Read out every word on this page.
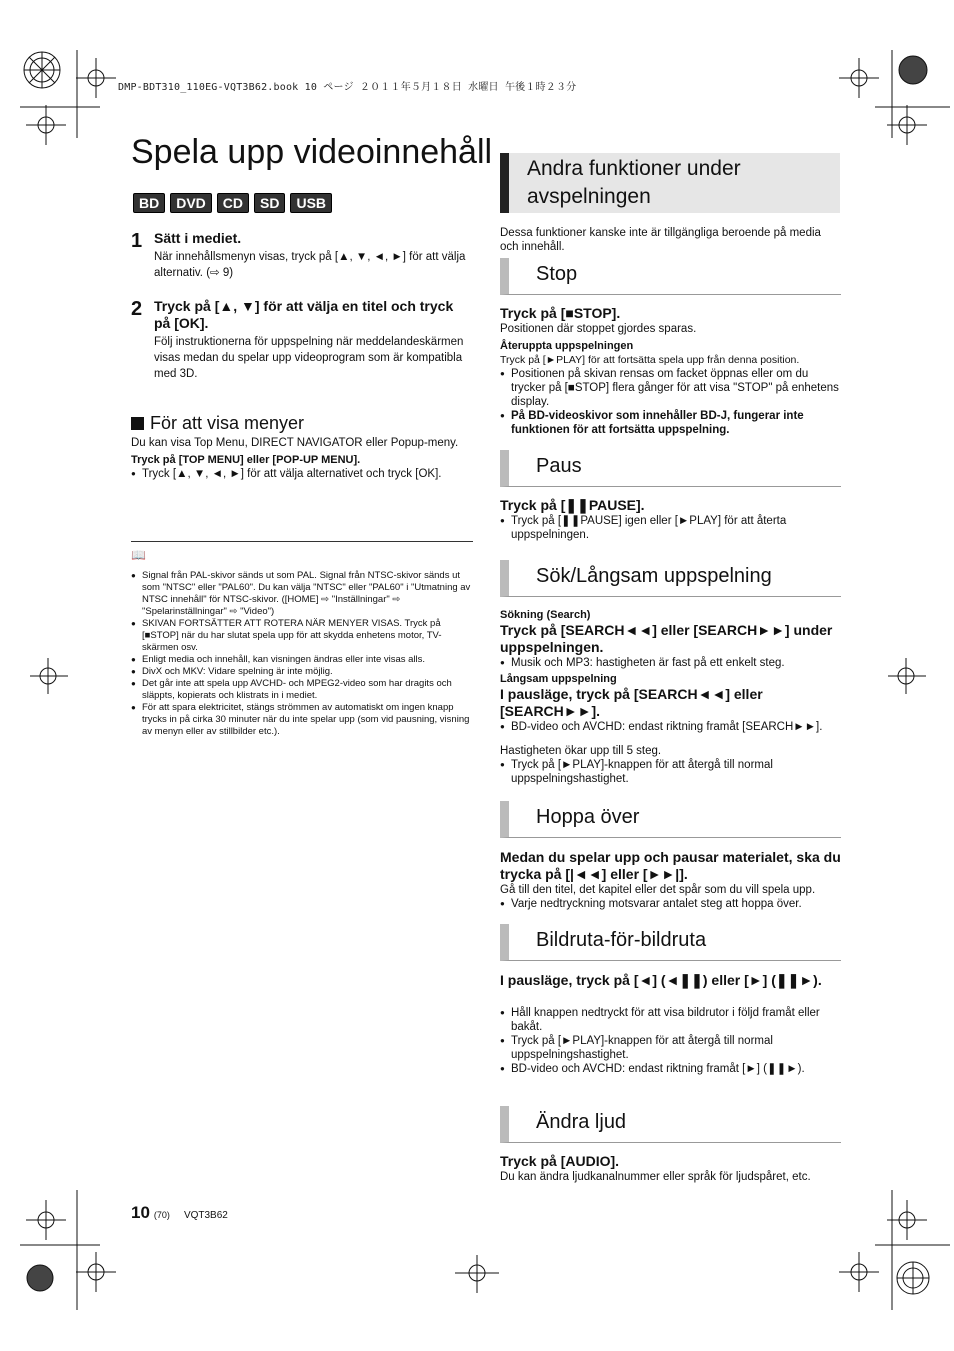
DMP-BDT310_110EG-VQT3B62.book 10 ページ ２０１１年５月１８日 水曜日 午後１時２３分
Spela upp videoinnehåll
BD	DVD	CD	SD	USB
1 Sätt i mediet.
När innehållsmenyn visas, tryck på [▲, ▼, ◄, ►] för att välja alternativ. (⇨ 9)
2 Tryck på [▲, ▼] för att välja en titel och tryck på [OK].
Följ instruktionerna för uppspelning när meddelandeskärmen visas medan du spelar upp videoprogram som är kompatibla med 3D.
För att visa menyer
Du kan visa Top Menu, DIRECT NAVIGATOR eller Popup-meny.
Tryck på [TOP MENU] eller [POP-UP MENU].
● Tryck [▲, ▼, ◄, ►] för att välja alternativet och tryck [OK].
📖
● Signal från PAL-skivor sänds ut som PAL. Signal från NTSC-skivor sänds ut som "NTSC" eller "PAL60". Du kan välja "NTSC" eller "PAL60" i "Utmatning av NTSC innehåll" för NTSC-skivor. ([HOME] ⇨ "Inställningar" ⇨ "Spelarinställningar" ⇨ "Video")
● SKIVAN FORTSÄTTER ATT ROTERA NÄR MENYER VISAS. Tryck på [■STOP] när du har slutat spela upp för att skydda enhetens motor, TV-skärmen osv.
● Enligt media och innehåll, kan visningen ändras eller inte visas alls.
● DivX och MKV: Vidare spelning är inte möjlig.
● Det går inte att spela upp AVCHD- och MPEG2-video som har dragits och släppts, kopierats och klistrats in i mediet.
● För att spara elektricitet, stängs strömmen av automatiskt om ingen knapp trycks in på cirka 30 minuter när du inte spelar upp (som vid pausning, visning av menyn eller av stillbilder etc.).
Andra funktioner under avspelningen
Dessa funktioner kanske inte är tillgängliga beroende på media och innehåll.
Stop
Tryck på [■STOP].
Positionen där stoppet gjordes sparas.
Återuppta uppspelningen
Tryck på [►PLAY] för att fortsätta spela upp från denna position.
● Positionen på skivan rensas om facket öppnas eller om du trycker på [■STOP] flera gånger för att visa "STOP" på enhetens display.
● På BD-videoskivor som innehåller BD-J, fungerar inte funktionen för att fortsätta uppspelning.
Paus
Tryck på [❚❚PAUSE].
● Tryck på [❚❚PAUSE] igen eller [►PLAY] för att återta uppspelningen.
Sök/Långsam uppspelning
Sökning (Search)
Tryck på [SEARCH◄◄] eller [SEARCH►►] under uppspelningen.
● Musik och MP3: hastigheten är fast på ett enkelt steg.
Långsam uppspelning
I pausläge, tryck på [SEARCH◄◄] eller [SEARCH►►].
● BD-video och AVCHD: endast riktning framåt [SEARCH►►].
Hastigheten ökar upp till 5 steg.
● Tryck på [►PLAY]-knappen för att återgå till normal uppspelningshastighet.
Hoppa över
Medan du spelar upp och pausar materialet, ska du trycka på [|◄◄] eller [►►|].
Gå till den titel, det kapitel eller det spår som du vill spela upp.
● Varje nedtryckning motsvarar antalet steg att hoppa över.
Bildruta-för-bildruta
I pausläge, tryck på [◄] (◄❚❚) eller [►] (❚❚►).
● Håll knappen nedtryckt för att visa bildrutor i följd framåt eller bakåt.
● Tryck på [►PLAY]-knappen för att återgå till normal uppspelningshastighet.
● BD-video och AVCHD: endast riktning framåt [►] (❚❚►).
Ändra ljud
Tryck på [AUDIO].
Du kan ändra ljudkanalnummer eller språk för ljudspåret, etc.
10 (70) VQT3B62
